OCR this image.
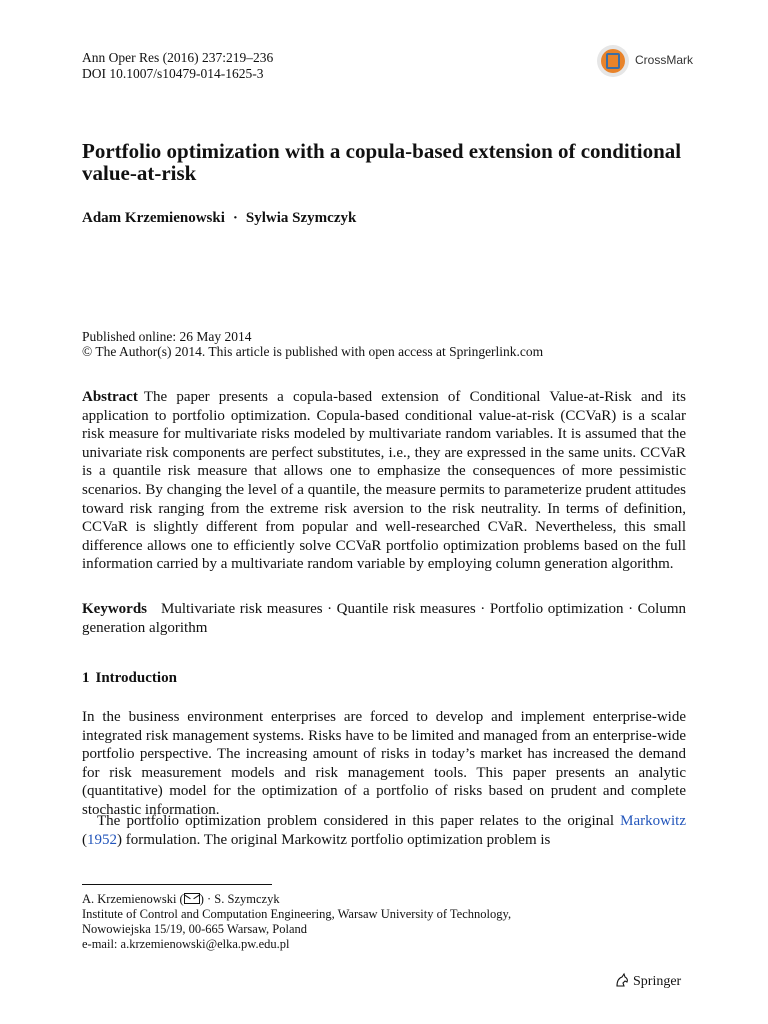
Ann Oper Res (2016) 237:219–236
DOI 10.1007/s10479-014-1625-3
CrossMark
Portfolio optimization with a copula-based extension of conditional value-at-risk
Adam Krzemienowski · Sylwia Szymczyk
Published online: 26 May 2014
© The Author(s) 2014. This article is published with open access at Springerlink.com
Abstract The paper presents a copula-based extension of Conditional Value-at-Risk and its application to portfolio optimization. Copula-based conditional value-at-risk (CCVaR) is a scalar risk measure for multivariate risks modeled by multivariate random variables. It is assumed that the univariate risk components are perfect substitutes, i.e., they are expressed in the same units. CCVaR is a quantile risk measure that allows one to emphasize the consequences of more pessimistic scenarios. By changing the level of a quantile, the measure permits to parameterize prudent attitudes toward risk ranging from the extreme risk aversion to the risk neutrality. In terms of definition, CCVaR is slightly different from popular and well-researched CVaR. Nevertheless, this small difference allows one to efficiently solve CCVaR portfolio optimization problems based on the full information carried by a multivariate random variable by employing column generation algorithm.
Keywords Multivariate risk measures · Quantile risk measures · Portfolio optimization · Column generation algorithm
1 Introduction
In the business environment enterprises are forced to develop and implement enterprise-wide integrated risk management systems. Risks have to be limited and managed from an enterprise-wide portfolio perspective. The increasing amount of risks in today’s market has increased the demand for risk measurement models and risk management tools. This paper presents an analytic (quantitative) model for the optimization of a portfolio of risks based on prudent and complete stochastic information.
The portfolio optimization problem considered in this paper relates to the original Markowitz (1952) formulation. The original Markowitz portfolio optimization problem is
A. Krzemienowski ( ) · S. Szymczyk
Institute of Control and Computation Engineering, Warsaw University of Technology,
Nowowiejska 15/19, 00-665 Warsaw, Poland
e-mail: a.krzemienowski@elka.pw.edu.pl
Springer
